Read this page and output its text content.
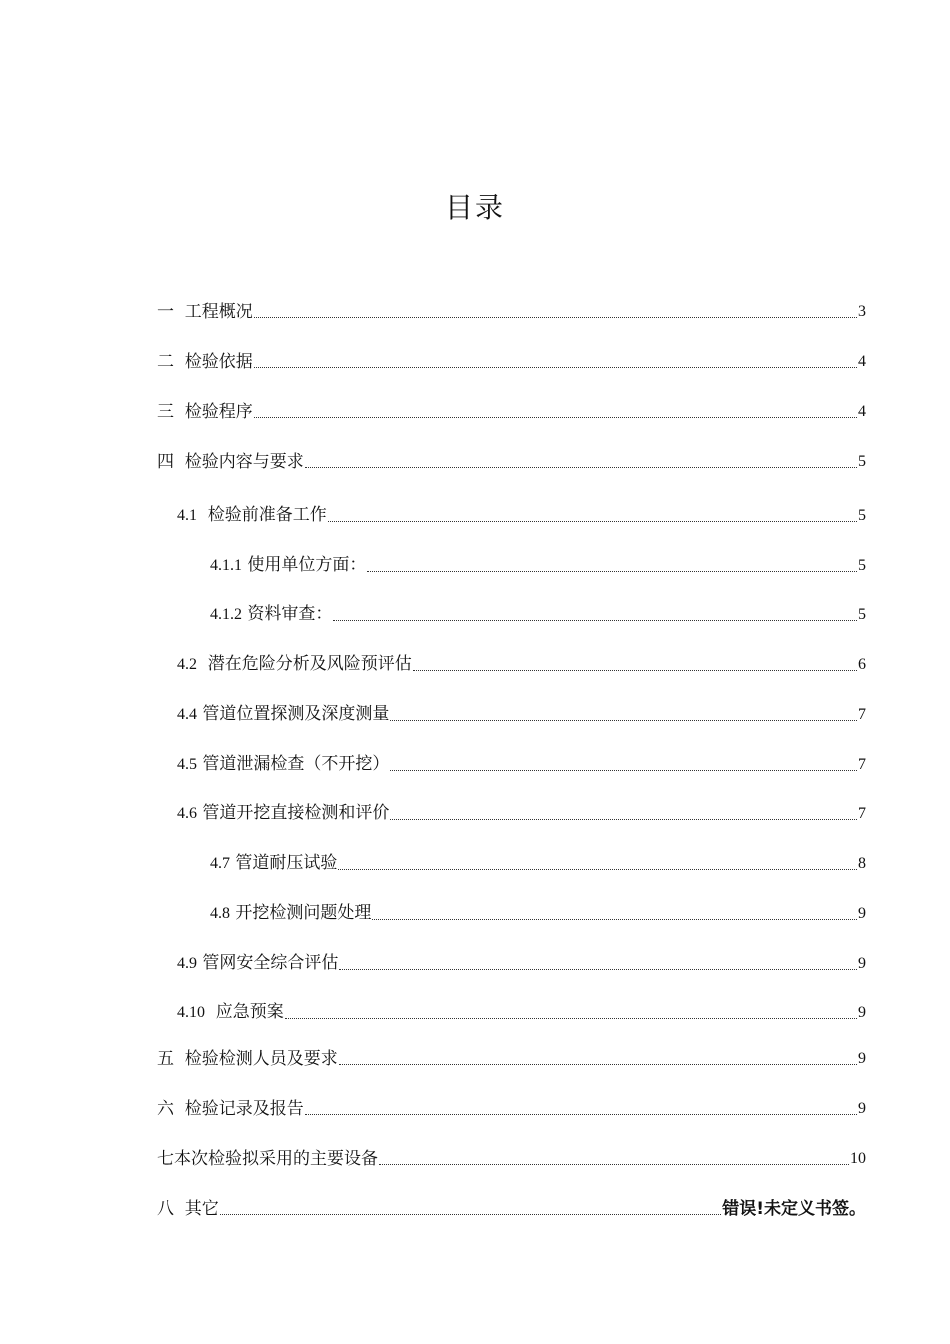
目录
一  工程概况	3
二  检验依据	4
三  检验程序	4
四  检验内容与要求	5
4.1  检验前准备工作	5
4.1.1 使用单位方面：	5
4.1.2 资料审查：	5
4.2  潜在危险分析及风险预评估	6
4.4 管道位置探测及深度测量	7
4.5 管道泄漏检查（不开挖）	7
4.6 管道开挖直接检测和评价	7
4.7 管道耐压试验	8
4.8 开挖检测问题处理	9
4.9 管网安全综合评估	9
4.10  应急预案	9
五  检验检测人员及要求	9
六  检验记录及报告	9
七本次检验拟采用的主要设备	10
八  其它	错误!未定义书签。
